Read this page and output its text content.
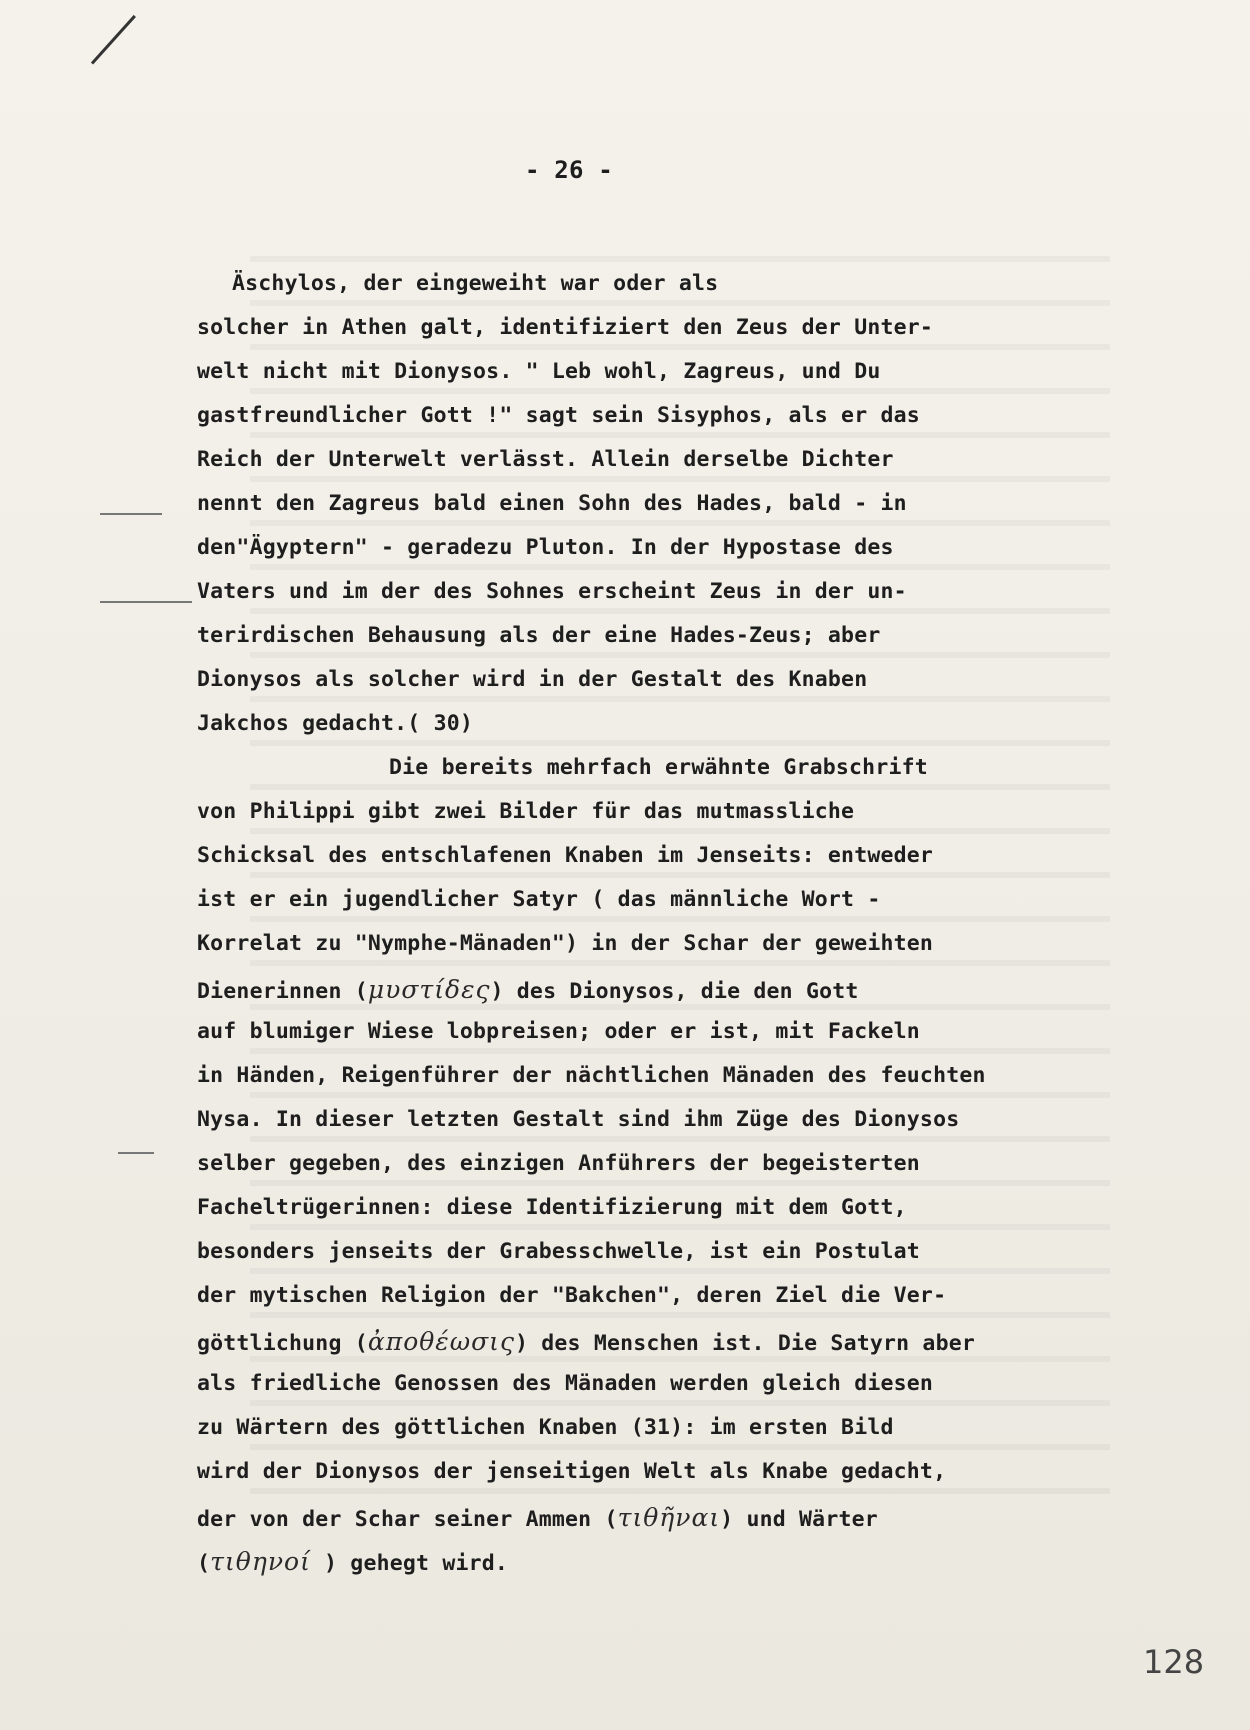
- 26 -
Äschylos, der eingeweiht war oder als
solcher in Athen galt, identifiziert den Zeus der Unter-
welt nicht mit Dionysos. " Leb wohl, Zagreus, und Du
gastfreundlicher Gott !" sagt sein Sisyphos, als er das
Reich der Unterwelt verlässt. Allein derselbe Dichter
nennt den Zagreus bald einen Sohn des Hades, bald - in
den"Ägyptern" - geradezu Pluton. In der Hypostase des
Vaters und im der des Sohnes erscheint Zeus in der un-
terirdischen Behausung als der eine Hades-Zeus; aber
Dionysos als solcher wird in der Gestalt des Knaben
Jakchos gedacht.( 30)
Die bereits mehrfach erwähnte Grabschrift
von Philippi gibt zwei Bilder für das mutmassliche
Schicksal des entschlafenen Knaben im Jenseits: entweder
ist er ein jugendlicher Satyr ( das männliche Wort -
Korrelat zu "Nymphe-Mänaden") in der Schar der geweihten
Dienerinnen (μυστίδες) des Dionysos, die den Gott
auf blumiger Wiese lobpreisen; oder er ist, mit Fackeln
in Händen, Reigenführer der nächtlichen Mänaden des feuchten
Nysa. In dieser letzten Gestalt sind ihm Züge des Dionysos
selber gegeben, des einzigen Anführers der begeisterten
Facheltrügerinnen: diese Identifizierung mit dem Gott,
besonders jenseits der Grabesschwelle, ist ein Postulat
der mytischen Religion der "Bakchen", deren Ziel die Ver-
göttlichung (ἀποθέωσις) des Menschen ist. Die Satyrn aber
als friedliche Genossen des Mänaden werden gleich diesen
zu Wärtern des göttlichen Knaben (31): im ersten Bild
wird der Dionysos der jenseitigen Welt als Knabe gedacht,
der von der Schar seiner Ammen (τιθῆναι) und Wärter
(τιθηνοί ) gehegt wird.
128
